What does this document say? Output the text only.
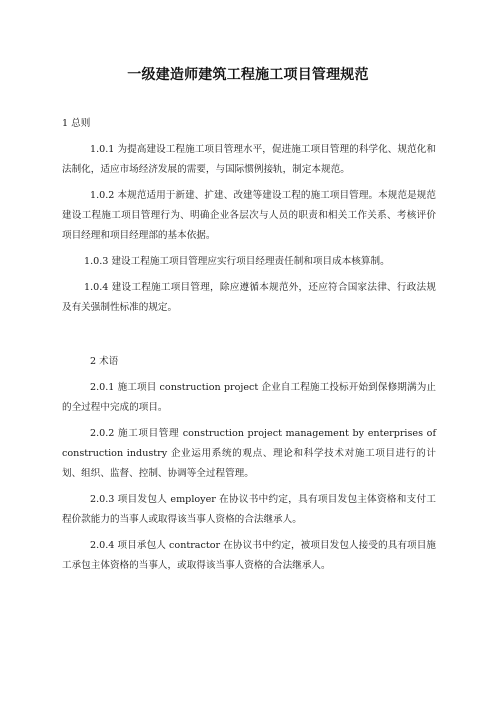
一级建造师建筑工程施工项目管理规范

1 总则

1.0.1 为提高建设工程施工项目管理水平，促进施工项目管理的科学化、规范化和法制化，适应市场经济发展的需要，与国际惯例接轨，制定本规范。

1.0.2 本规范适用于新建、扩建、改建等建设工程的施工项目管理。本规范是规范建设工程施工项目管理行为、明确企业各层次与人员的职责和相关工作关系、考核评价项目经理和项目经理部的基本依据。

1.0.3 建设工程施工项目管理应实行项目经理责任制和项目成本核算制。

1.0.4 建设工程施工项目管理，除应遵循本规范外，还应符合国家法律、行政法规及有关强制性标准的规定。

2 术语

2.0.1 施工项目 construction project 企业自工程施工投标开始到保修期满为止的全过程中完成的项目。

2.0.2 施工项目管理 construction project management by enterprises of construction industry 企业运用系统的观点、理论和科学技术对施工项目进行的计划、组织、监督、控制、协调等全过程管理。

2.0.3 项目发包人 employer 在协议书中约定，具有项目发包主体资格和支付工程价款能力的当事人或取得该当事人资格的合法继承人。

2.0.4 项目承包人 contractor 在协议书中约定，被项目发包人接受的具有项目施工承包主体资格的当事人，或取得该当事人资格的合法继承人。
